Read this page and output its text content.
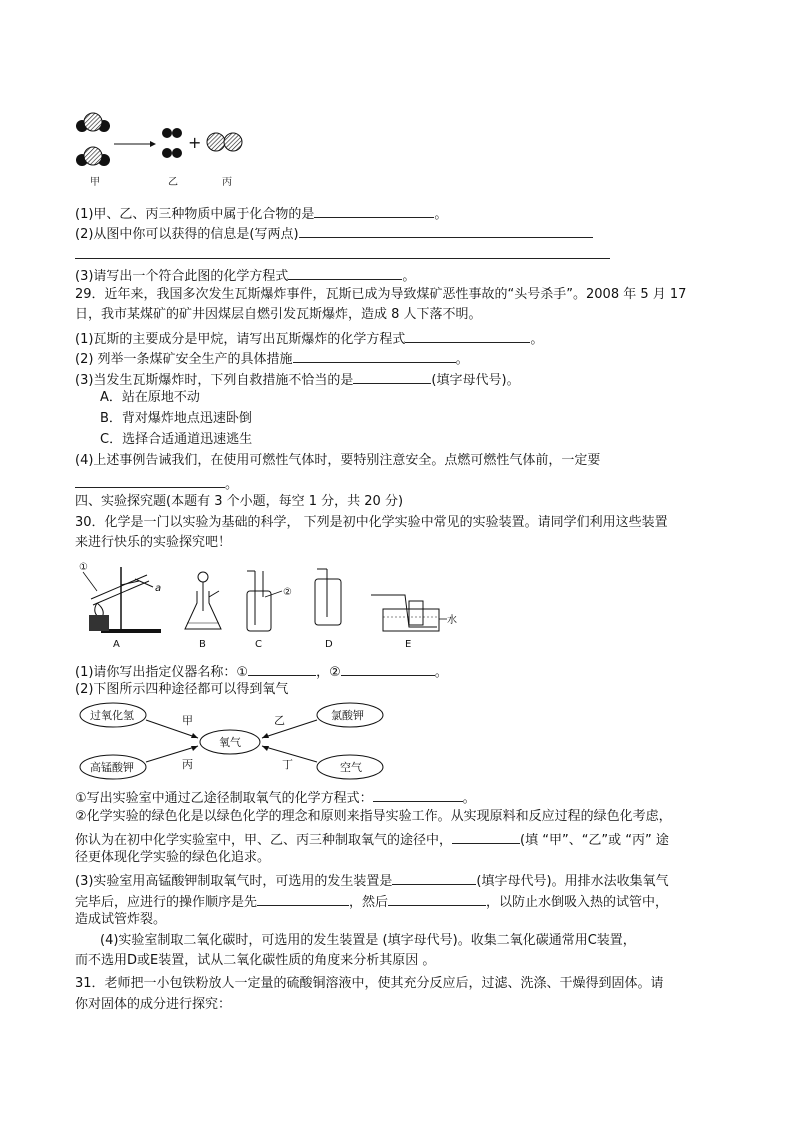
+
甲	乙	丙
(1)甲、乙、丙三种物质中属于化合物的是	。
(2)从图中你可以获得的信息是(写两点)
(3)请写出一个符合此图的化学方程式	。
29．近年来，我国多次发生瓦斯爆炸事件，瓦斯已成为导致煤矿恶性事故的“头号杀手”。2008 年 5 月 17
日，我市某煤矿的矿井因煤层自燃引发瓦斯爆炸，造成 8 人下落不明。
(1)瓦斯的主要成分是甲烷，请写出瓦斯爆炸的化学方程式	。
(2) 列举一条煤矿安全生产的具体措施	。
(3)当发生瓦斯爆炸时，下列自救措施不恰当的是	(填字母代号)。
A．站在原地不动
B．背对爆炸地点迅速卧倒
C．选择合适通道迅速逃生
(4)上述事例告诫我们，在使用可燃性气体时，要特别注意安全。点燃可燃性气体前，一定要
。
四、实验探究题(本题有 3 个小题，每空 1 分，共 20 分)
30．化学是一门以实验为基础的科学， 下列是初中化学实验中常见的实验装置。请同学们利用这些装置
来进行快乐的实验探究吧！
①
a
A	B
②
C	D
水
E
(1)请你写出指定仪器名称：①	，②	。
(2)下图所示四种途径都可以得到氧气
过氧化氢	氯酸钾
高锰酸钾	空气
氧气
甲	乙
丙	丁
①写出实验室中通过乙途径制取氧气的化学方程式：	。
②化学实验的绿色化是以绿色化学的理念和原则来指导实验工作。从实现原料和反应过程的绿色化考虑，
你认为在初中化学实验室中，甲、乙、丙三种制取氧气的途径中，	(填 “甲”、“乙”或 “丙” 途
径更体现化学实验的绿色化追求。
(3)实验室用高锰酸钾制取氧气时，可选用的发生装置是	(填字母代号)。用排水法收集氧气
完毕后，应进行的操作顺序是先	，然后	，以防止水倒吸入热的试管中，
造成试管炸裂。
(4)实验室制取二氧化碳时，可选用的发生装置是 (填字母代号)。收集二氧化碳通常用C装置，
而不选用D或E装置，试从二氧化碳性质的角度来分析其原因 。
31．老师把一小包铁粉放人一定量的硫酸铜溶液中，使其充分反应后，过滤、洗涤、干燥得到固体。请
你对固体的成分进行探究：
